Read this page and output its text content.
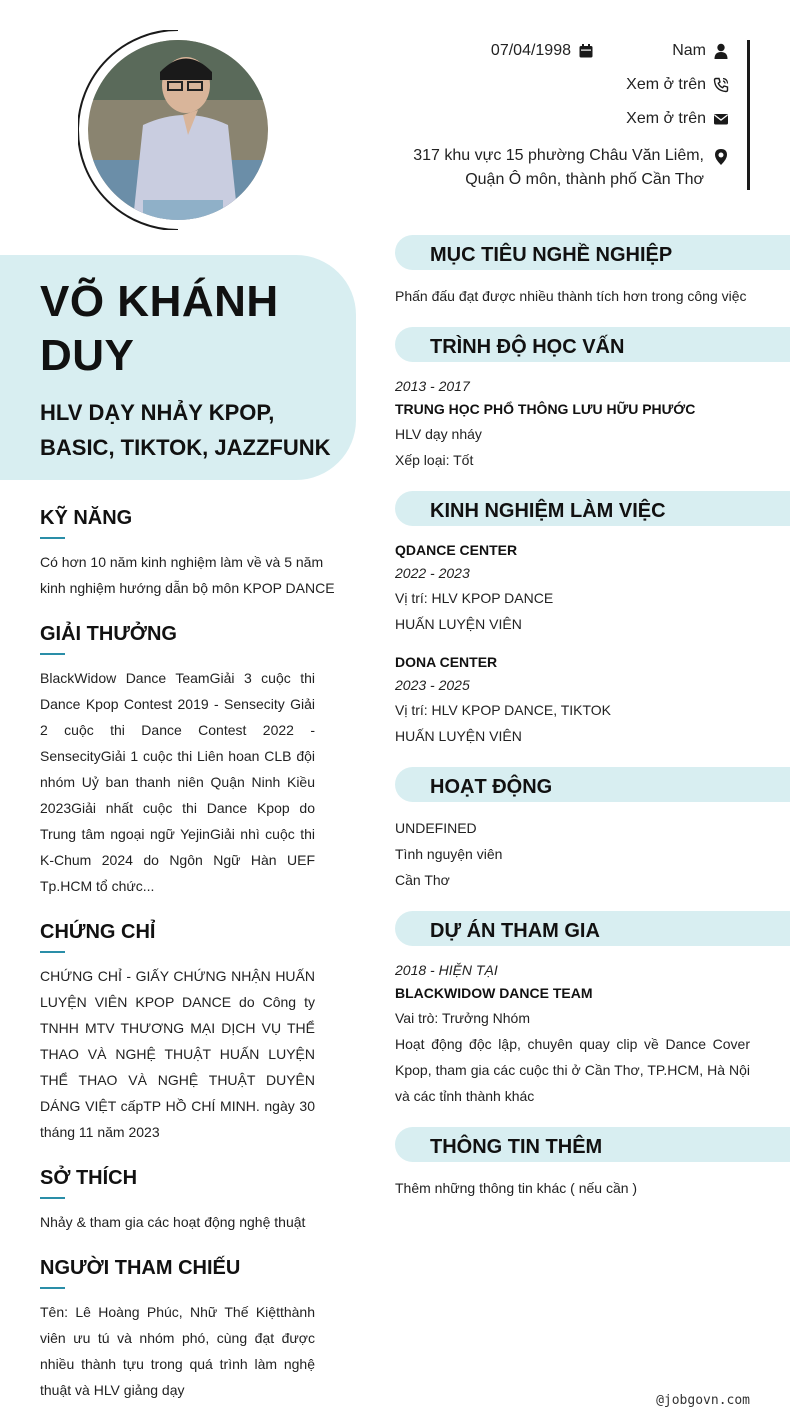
07/04/1998	Nam
Xem ở trên
Xem ở trên
317 khu vực 15 phường Châu Văn Liêm,
Quận Ô môn, thành phố Cần Thơ
VÕ KHÁNH DUY
HLV DẠY NHẢY KPOP, BASIC, TIKTOK, JAZZFUNK
KỸ NĂNG
Có hơn 10 năm kinh nghiệm làm về và 5 năm kinh nghiệm hướng dẫn bộ môn KPOP DANCE
GIẢI THƯỞNG
BlackWidow Dance TeamGiải 3 cuộc thi Dance Kpop Contest 2019 - Sensecity Giải 2 cuộc thi Dance Contest 2022 - SensecityGiải 1 cuộc thi Liên hoan CLB đội nhóm Uỷ ban thanh niên Quận Ninh Kiều 2023Giải nhất cuộc thi Dance Kpop do Trung tâm ngoại ngữ YejinGiải nhì cuộc thi K-Chum 2024 do Ngôn Ngữ Hàn UEF Tp.HCM tổ chức...
CHỨNG CHỈ
CHỨNG CHỈ - GIẤY CHỨNG NHẬN HUẤN LUYỆN VIÊN KPOP DANCE do Công ty TNHH MTV THƯƠNG MẠI DỊCH VỤ THỂ THAO VÀ NGHỆ THUẬT HUẤN LUYỆN THỂ THAO VÀ NGHỆ THUẬT DUYÊN DÁNG VIỆT cấpTP HỒ CHÍ MINH. ngày 30 tháng 11 năm 2023
SỞ THÍCH
Nhảy & tham gia các hoạt động nghệ thuật
NGƯỜI THAM CHIẾU
Tên: Lê Hoàng Phúc, Nhữ Thế Kiệtthành viên ưu tú và nhóm phó, cùng đạt được nhiều thành tựu trong quá trình làm nghệ thuật và HLV giảng dạy
MỤC TIÊU NGHỀ NGHIỆP
Phấn đấu đạt được nhiều thành tích hơn trong công việc
TRÌNH ĐỘ HỌC VẤN
2013 - 2017
TRUNG HỌC PHỔ THÔNG LƯU HỮU PHƯỚC
HLV dạy nháy
Xếp loại: Tốt
KINH NGHIỆM LÀM VIỆC
QDANCE CENTER
2022 - 2023
Vị trí: HLV KPOP DANCE
HUẤN LUYỆN VIÊN
DONA CENTER
2023 - 2025
Vị trí: HLV KPOP DANCE, TIKTOK
HUẤN LUYỆN VIÊN
HOẠT ĐỘNG
UNDEFINED
Tình nguyện viên
Cần Thơ
DỰ ÁN THAM GIA
2018 - HIỆN TẠI
BLACKWIDOW DANCE TEAM
Vai trò: Trưởng Nhóm
Hoạt động độc lập, chuyên quay clip về Dance Cover Kpop, tham gia các cuộc thi ở Cần Thơ, TP.HCM, Hà Nội và các tỉnh thành khác
THÔNG TIN THÊM
Thêm những thông tin khác ( nếu cần )
@jobgovn.com
